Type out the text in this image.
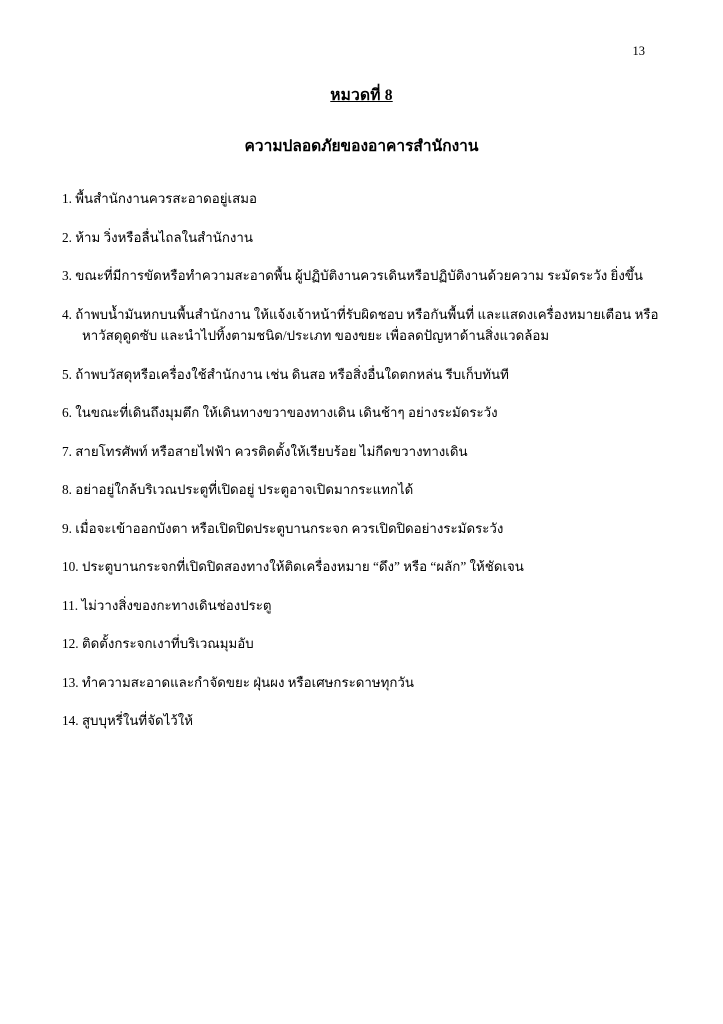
13
หมวดที่ 8
ความปลอดภัยของอาคารสำนักงาน
1. พื้นสำนักงานควรสะอาดอยู่เสมอ
2. ห้าม วิ่งหรือลื่นไถลในสำนักงาน
3. ขณะที่มีการขัดหรือทำความสะอาดพื้น ผู้ปฏิบัติงานควรเดินหรือปฏิบัติงานด้วยความ ระมัดระวัง ยิ่งขึ้น
4. ถ้าพบน้ำมันหกบนพื้นสำนักงาน ให้แจ้งเจ้าหน้าที่รับผิดชอบ หรือกันพื้นที่ และแสดงเครื่องหมายเตือน หรือหาวัสดุดูดซับ และนำไปทิ้งตามชนิด/ประเภท ของขยะ เพื่อลดปัญหาด้านสิ่งแวดล้อม
5. ถ้าพบวัสดุหรือเครื่องใช้สำนักงาน เช่น ดินสอ หรือสิ่งอื่นใดตกหล่น รีบเก็บทันที
6. ในขณะที่เดินถึงมุมตึก ให้เดินทางขวาของทางเดิน เดินช้าๆ อย่างระมัดระวัง
7. สายโทรศัพท์ หรือสายไฟฟ้า ควรติดตั้งให้เรียบร้อย ไม่กีดขวางทางเดิน
8. อย่าอยู่ใกล้บริเวณประตูที่เปิดอยู่ ประตูอาจเปิดมากระแทกได้
9. เมื่อจะเข้าออกบังตา หรือเปิดปิดประตูบานกระจก ควรเปิดปิดอย่างระมัดระวัง
10. ประตูบานกระจกที่เปิดปิดสองทางให้ติดเครื่องหมาย “ดึง” หรือ “ผลัก” ให้ชัดเจน
11. ไม่วางสิ่งของกะทางเดินช่องประตู
12. ติดตั้งกระจกเงาที่บริเวณมุมอับ
13. ทำความสะอาดและกำจัดขยะ ฝุ่นผง หรือเศษกระดาษทุกวัน
14. สูบบุหรี่ในที่จัดไว้ให้
